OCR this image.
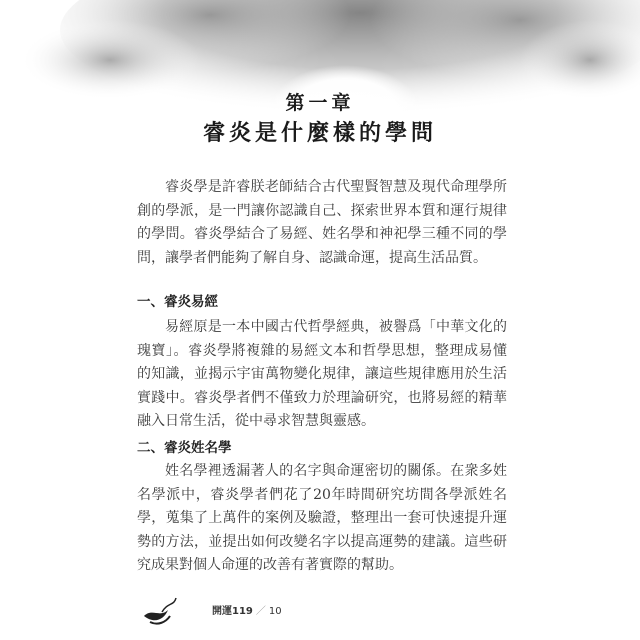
第一章
睿炎是什麼樣的學問

睿炎學是許睿朕老師結合古代聖賢智慧及現代命理學所創的學派，是一門讓你認識自己、探索世界本質和運行規律的學問。睿炎學結合了易經、姓名學和神祀學三種不同的學問，讓學者們能夠了解自身、認識命運，提高生活品質。

一、睿炎易經

易經原是一本中國古代哲學經典，被譽爲「中華文化的瑰寶」。睿炎學將複雜的易經文本和哲學思想，整理成易懂的知識，並揭示宇宙萬物變化規律，讓這些規律應用於生活實踐中。睿炎學者們不僅致力於理論研究，也將易經的精華融入日常生活，從中尋求智慧與靈感。

二、睿炎姓名學

姓名學裡透漏著人的名字與命運密切的關係。在衆多姓名學派中，睿炎學者們花了20年時間研究坊間各學派姓名學，蒐集了上萬件的案例及驗證，整理出一套可快速提升運勢的方法，並提出如何改變名字以提高運勢的建議。這些研究成果對個人命運的改善有著實際的幫助。

開運119 ／ 10
